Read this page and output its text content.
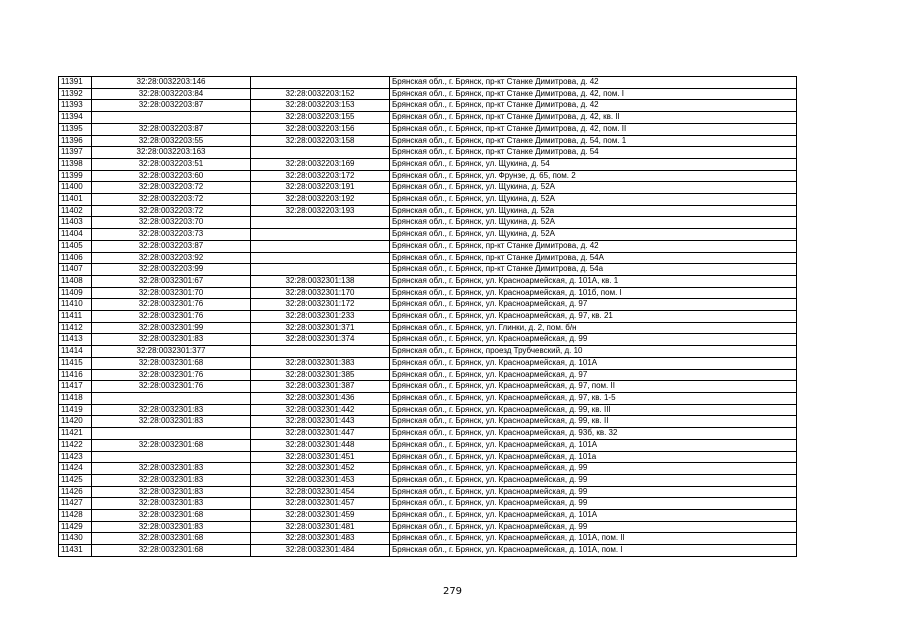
11391	32:28:0032203:146		Брянская обл., г. Брянск, пр-кт Станке Димитрова, д. 42
11392	32:28:0032203:84	32:28:0032203:152	Брянская обл., г. Брянск, пр-кт Станке Димитрова, д. 42, пом. I
11393	32:28:0032203:87	32:28:0032203:153	Брянская обл., г. Брянск, пр-кт Станке Димитрова, д. 42
11394		32:28:0032203:155	Брянская обл., г. Брянск, пр-кт Станке Димитрова, д. 42, кв. II
11395	32:28:0032203:87	32:28:0032203:156	Брянская обл., г. Брянск, пр-кт Станке Димитрова, д. 42, пом. II
11396	32:28:0032203:55	32:28:0032203:158	Брянская обл., г. Брянск, пр-кт Станке Димитрова, д. 54, пом. 1
11397	32:28:0032203:163		Брянская обл., г. Брянск, пр-кт Станке Димитрова, д. 54
11398	32:28:0032203:51	32:28:0032203:169	Брянская обл., г. Брянск, ул. Щукина, д. 54
11399	32:28:0032203:60	32:28:0032203:172	Брянская обл., г. Брянск, ул. Фрунзе, д. 65, пом. 2
11400	32:28:0032203:72	32:28:0032203:191	Брянская обл., г. Брянск, ул. Щукина, д. 52А
11401	32:28:0032203:72	32:28:0032203:192	Брянская обл., г. Брянск, ул. Щукина, д. 52А
11402	32:28:0032203:72	32:28:0032203:193	Брянская обл., г. Брянск, ул. Щукина, д. 52а
11403	32:28:0032203:70		Брянская обл., г. Брянск, ул. Щукина, д. 52А
11404	32:28:0032203:73		Брянская обл., г. Брянск, ул. Щукина, д. 52А
11405	32:28:0032203:87		Брянская обл., г. Брянск, пр-кт Станке Димитрова, д. 42
11406	32:28:0032203:92		Брянская обл., г. Брянск, пр-кт Станке Димитрова, д. 54А
11407	32:28:0032203:99		Брянская обл., г. Брянск, пр-кт Станке Димитрова, д. 54а
11408	32:28:0032301:67	32:28:0032301:138	Брянская обл., г. Брянск, ул. Красноармейская, д. 101А, кв. 1
11409	32:28:0032301:70	32:28:0032301:170	Брянская обл., г. Брянск, ул. Красноармейская, д. 101б, пом. I
11410	32:28:0032301:76	32:28:0032301:172	Брянская обл., г. Брянск, ул. Красноармейская, д. 97
11411	32:28:0032301:76	32:28:0032301:233	Брянская обл., г. Брянск, ул. Красноармейская, д. 97, кв. 21
11412	32:28:0032301:99	32:28:0032301:371	Брянская обл., г. Брянск, ул. Глинки, д. 2, пом. б/н
11413	32:28:0032301:83	32:28:0032301:374	Брянская обл., г. Брянск, ул. Красноармейская, д. 99
11414	32:28:0032301:377		Брянская обл., г. Брянск, проезд Трубчевский, д. 10
11415	32:28:0032301:68	32:28:0032301:383	Брянская обл., г. Брянск, ул. Красноармейская, д. 101А
11416	32:28:0032301:76	32:28:0032301:385	Брянская обл., г. Брянск, ул. Красноармейская, д. 97
11417	32:28:0032301:76	32:28:0032301:387	Брянская обл., г. Брянск, ул. Красноармейская, д. 97, пом. II
11418		32:28:0032301:436	Брянская обл., г. Брянск, ул. Красноармейская, д. 97, кв. 1-5
11419	32:28:0032301:83	32:28:0032301:442	Брянская обл., г. Брянск, ул. Красноармейская, д. 99, кв. III
11420	32:28:0032301:83	32:28:0032301:443	Брянская обл., г. Брянск, ул. Красноармейская, д. 99, кв. II
11421		32:28:0032301:447	Брянская обл., г. Брянск, ул. Красноармейская, д. 93б, кв. 32
11422	32:28:0032301:68	32:28:0032301:448	Брянская обл., г. Брянск, ул. Красноармейская, д. 101А
11423		32:28:0032301:451	Брянская обл., г. Брянск, ул. Красноармейская, д. 101а
11424	32:28:0032301:83	32:28:0032301:452	Брянская обл., г. Брянск, ул. Красноармейская, д. 99
11425	32:28:0032301:83	32:28:0032301:453	Брянская обл., г. Брянск, ул. Красноармейская, д. 99
11426	32:28:0032301:83	32:28:0032301:454	Брянская обл., г. Брянск, ул. Красноармейская, д. 99
11427	32:28:0032301:83	32:28:0032301:457	Брянская обл., г. Брянск, ул. Красноармейская, д. 99
11428	32:28:0032301:68	32:28:0032301:459	Брянская обл., г. Брянск, ул. Красноармейская, д. 101А
11429	32:28:0032301:83	32:28:0032301:481	Брянская обл., г. Брянск, ул. Красноармейская, д. 99
11430	32:28:0032301:68	32:28:0032301:483	Брянская обл., г. Брянск, ул. Красноармейская, д. 101А, пом. II
11431	32:28:0032301:68	32:28:0032301:484	Брянская обл., г. Брянск, ул. Красноармейская, д. 101А, пом. I
279
